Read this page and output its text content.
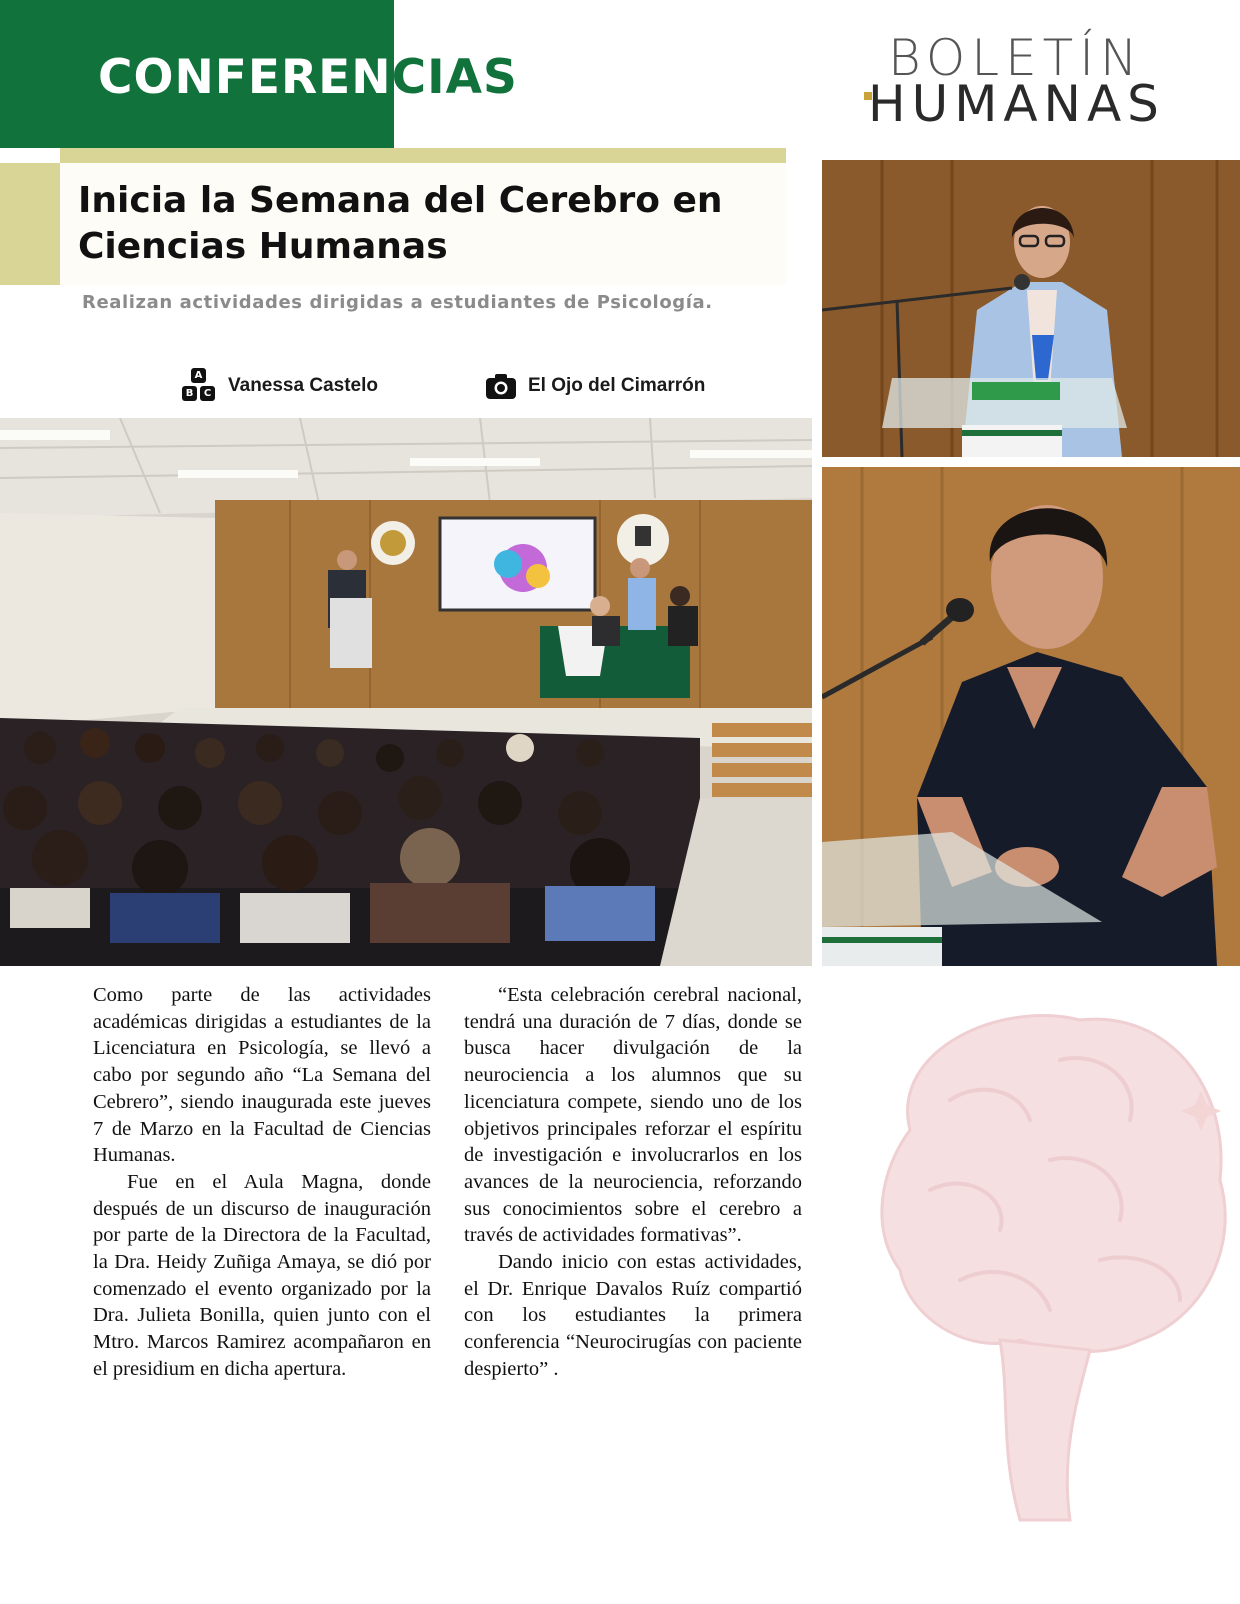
CONFERENCIAS	BOLETÍN
HUMANAS
Inicia la Semana del Cerebro en Ciencias Humanas
Realizan actividades dirigidas a estudiantes de Psicología.
A
B	C Vanessa Castelo	El Ojo del Cimarrón

Como parte de las actividades académicas dirigidas a estudiantes de la Licenciatura en Psicología, se llevó a cabo por segundo año “La Semana del Cebrero”, siendo inaugurada este jueves 7 de Marzo en la Facultad de Ciencias Humanas.

Fue en el Aula Magna, donde después de un discurso de inauguración por parte de la Directora de la Facultad, la Dra. Heidy Zuñiga Amaya, se dió por comenzado el evento organizado por la Dra. Julieta Bonilla, quien junto con el Mtro. Marcos Ramirez acompañaron en el presidium en dicha apertura.

“Esta celebración cerebral nacional, tendrá una duración de 7 días, donde se busca hacer divulgación de la neurociencia a los alumnos que su licenciatura compete, siendo uno de los objetivos principales reforzar el espíritu de investigación e involucrarlos en los avances de la neurociencia, reforzando sus conocimientos sobre el cerebro a través de actividades formativas”.

Dando inicio con estas actividades, el Dr. Enrique Davalos Ruíz compartió con los estudiantes la primera conferencia “Neurocirugías con paciente despierto” .
